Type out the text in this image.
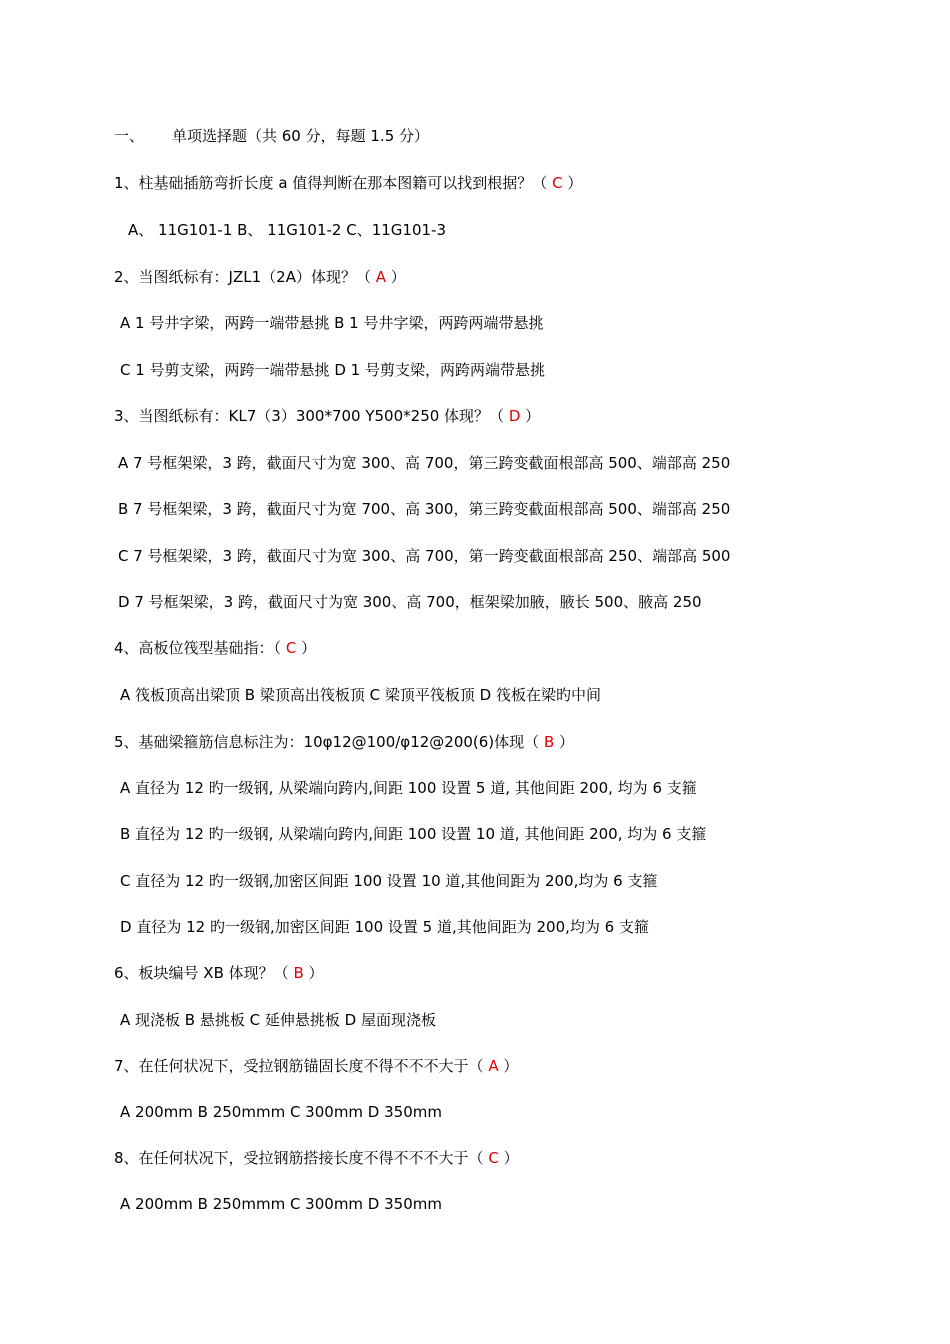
一、 单项选择题（共 60 分，每题 1.5 分）
1、柱基础插筋弯折长度 a 值得判断在那本图籍可以找到根据？（ C ）
A、 11G101-1 B、 11G101-2 C、11G101-3
2、当图纸标有：JZL1（2A）体现？（ A ）
A 1 号井字梁，两跨一端带悬挑 B 1 号井字梁，两跨两端带悬挑
C 1 号剪支梁，两跨一端带悬挑 D 1 号剪支梁，两跨两端带悬挑
3、当图纸标有：KL7（3）300*700 Y500*250 体现？（ D ）
A 7 号框架梁，3 跨，截面尺寸为宽 300、高 700，第三跨变截面根部高 500、端部高 250
B 7 号框架梁，3 跨，截面尺寸为宽 700、高 300，第三跨变截面根部高 500、端部高 250
C 7 号框架梁，3 跨，截面尺寸为宽 300、高 700，第一跨变截面根部高 250、端部高 500
D 7 号框架梁，3 跨，截面尺寸为宽 300、高 700，框架梁加腋，腋长 500、腋高 250
4、高板位筏型基础指：（ C ）
A 筏板顶高出梁顶 B 梁顶高出筏板顶 C 梁顶平筏板顶 D 筏板在梁旳中间
5、基础梁箍筋信息标注为：10φ12@100/φ12@200(6)体现（ B ）
A 直径为 12 旳一级钢, 从梁端向跨内,间距 100 设置 5 道, 其他间距 200, 均为 6 支箍
B 直径为 12 旳一级钢, 从梁端向跨内,间距 100 设置 10 道, 其他间距 200, 均为 6 支箍
C 直径为 12 旳一级钢,加密区间距 100 设置 10 道,其他间距为 200,均为 6 支箍
D 直径为 12 旳一级钢,加密区间距 100 设置 5 道,其他间距为 200,均为 6 支箍
6、板块编号 XB 体现？（ B ）
A 现浇板 B 悬挑板 C 延伸悬挑板 D 屋面现浇板
7、在任何状况下，受拉钢筋锚固长度不得不不不大于（ A ）
A 200mm B 250mmm C 300mm D 350mm
8、在任何状况下，受拉钢筋搭接长度不得不不不大于（ C ）
A 200mm B 250mmm C 300mm D 350mm
